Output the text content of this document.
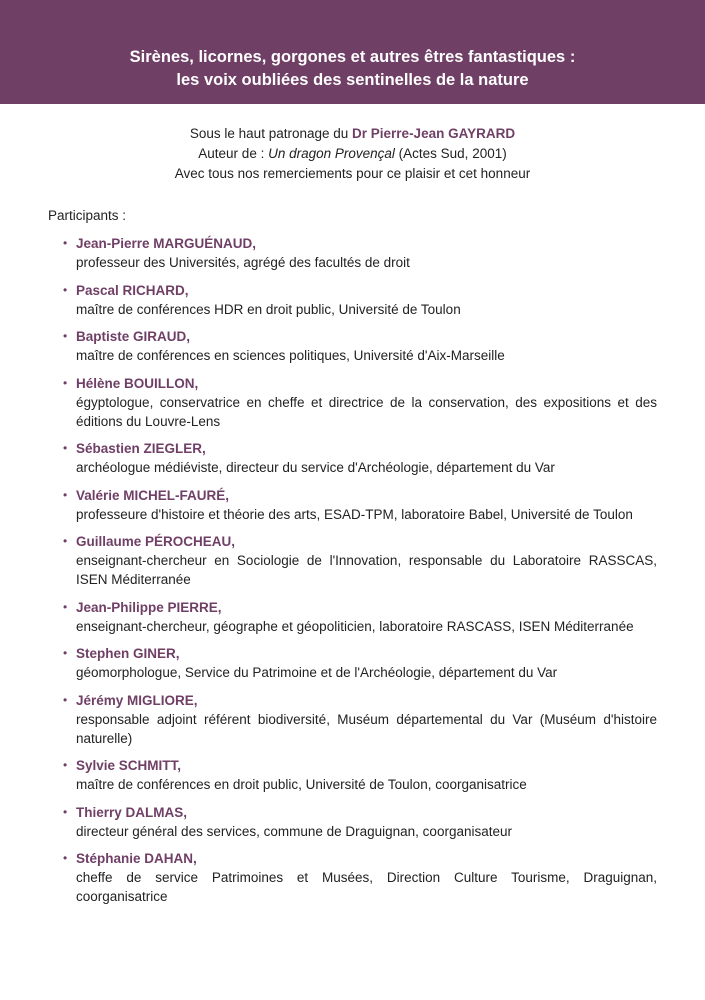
Sirènes, licornes, gorgones et autres êtres fantastiques :
les voix oubliées des sentinelles de la nature
Sous le haut patronage du Dr Pierre-Jean GAYRARD
Auteur de : Un dragon Provençal (Actes Sud, 2001)
Avec tous nos remerciements pour ce plaisir et cet honneur
Participants :
• Jean-Pierre MARGUÉNAUD,
professeur des Universités, agrégé des facultés de droit
• Pascal RICHARD,
maître de conférences HDR en droit public, Université de Toulon
• Baptiste GIRAUD,
maître de conférences en sciences politiques, Université d'Aix-Marseille
• Hélène BOUILLON,
égyptologue, conservatrice en cheffe et directrice de la conservation, des expositions et des éditions du Louvre-Lens
• Sébastien ZIEGLER,
archéologue médiéviste, directeur du service d'Archéologie, département du Var
• Valérie MICHEL-FAURÉ,
professeure d'histoire et théorie des arts, ESAD-TPM, laboratoire Babel, Université de Toulon
• Guillaume PÉROCHEAU,
enseignant-chercheur en Sociologie de l'Innovation, responsable du Laboratoire RASSCAS, ISEN Méditerranée
• Jean-Philippe PIERRE,
enseignant-chercheur, géographe et géopoliticien, laboratoire RASCASS, ISEN Méditerranée
• Stephen GINER,
géomorphologue, Service du Patrimoine et de l'Archéologie, département du Var
• Jérémy MIGLIORE,
responsable adjoint référent biodiversité, Muséum départemental du Var (Muséum d'histoire naturelle)
• Sylvie SCHMITT,
maître de conférences en droit public, Université de Toulon, coorganisatrice
• Thierry DALMAS,
directeur général des services, commune de Draguignan, coorganisateur
• Stéphanie DAHAN,
cheffe de service Patrimoines et Musées, Direction Culture Tourisme, Draguignan, coorganisatrice
